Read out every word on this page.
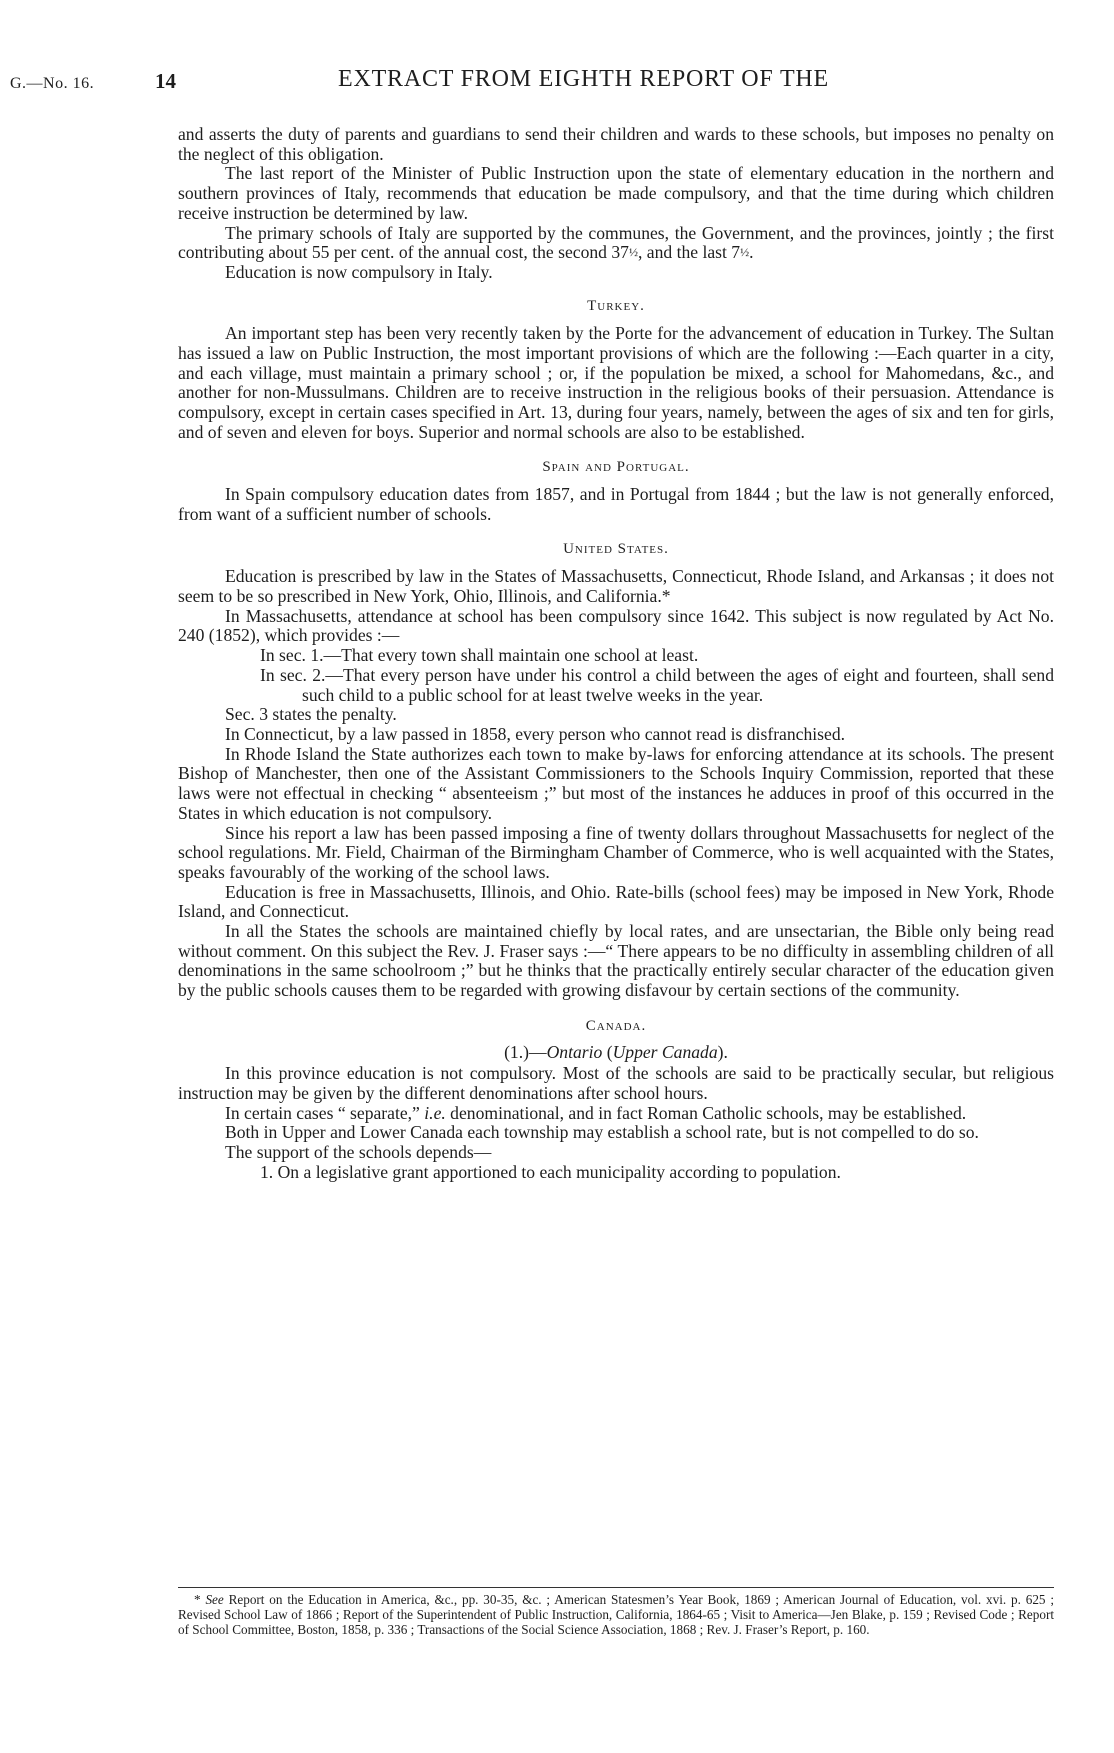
G.—No. 16.	14	EXTRACT FROM EIGHTH REPORT OF THE

and asserts the duty of parents and guardians to send their children and wards to these schools, but imposes no penalty on the neglect of this obligation.

The last report of the Minister of Public Instruction upon the state of elementary education in the northern and southern provinces of Italy, recommends that education be made compulsory, and that the time during which children receive instruction be determined by law.

The primary schools of Italy are supported by the communes, the Government, and the provinces, jointly ; the first contributing about 55 per cent. of the annual cost, the second 37½, and the last 7½.

Education is now compulsory in Italy.

Turkey.

An important step has been very recently taken by the Porte for the advancement of education in Turkey. The Sultan has issued a law on Public Instruction, the most important provisions of which are the following :—Each quarter in a city, and each village, must maintain a primary school ; or, if the population be mixed, a school for Mahomedans, &c., and another for non-Mussulmans. Children are to receive instruction in the religious books of their persuasion. Attendance is compulsory, except in certain cases specified in Art. 13, during four years, namely, between the ages of six and ten for girls, and of seven and eleven for boys. Superior and normal schools are also to be established.

Spain and Portugal.

In Spain compulsory education dates from 1857, and in Portugal from 1844 ; but the law is not generally enforced, from want of a sufficient number of schools.

United States.

Education is prescribed by law in the States of Massachusetts, Connecticut, Rhode Island, and Arkansas ; it does not seem to be so prescribed in New York, Ohio, Illinois, and California.*

In Massachusetts, attendance at school has been compulsory since 1642. This subject is now regulated by Act No. 240 (1852), which provides :—

In sec. 1.—That every town shall maintain one school at least.

In sec. 2.—That every person have under his control a child between the ages of eight and fourteen, shall send such child to a public school for at least twelve weeks in the year.

Sec. 3 states the penalty.

In Connecticut, by a law passed in 1858, every person who cannot read is disfranchised.

In Rhode Island the State authorizes each town to make by-laws for enforcing attendance at its schools. The present Bishop of Manchester, then one of the Assistant Commissioners to the Schools Inquiry Commission, reported that these laws were not effectual in checking “ absenteeism ;” but most of the instances he adduces in proof of this occurred in the States in which education is not compulsory.

Since his report a law has been passed imposing a fine of twenty dollars throughout Massachusetts for neglect of the school regulations. Mr. Field, Chairman of the Birmingham Chamber of Commerce, who is well acquainted with the States, speaks favourably of the working of the school laws.

Education is free in Massachusetts, Illinois, and Ohio. Rate-bills (school fees) may be imposed in New York, Rhode Island, and Connecticut.

In all the States the schools are maintained chiefly by local rates, and are unsectarian, the Bible only being read without comment. On this subject the Rev. J. Fraser says :—“ There appears to be no difficulty in assembling children of all denominations in the same schoolroom ;” but he thinks that the practically entirely secular character of the education given by the public schools causes them to be regarded with growing disfavour by certain sections of the community.

Canada.
(1.)—Ontario (Upper Canada).

In this province education is not compulsory. Most of the schools are said to be practically secular, but religious instruction may be given by the different denominations after school hours.

In certain cases “ separate,” i.e. denominational, and in fact Roman Catholic schools, may be established.

Both in Upper and Lower Canada each township may establish a school rate, but is not compelled to do so.

The support of the schools depends—

1. On a legislative grant apportioned to each municipality according to population.

* See Report on the Education in America, &c., pp. 30-35, &c. ; American Statesmen’s Year Book, 1869 ; American Journal of Education, vol. xvi. p. 625 ; Revised School Law of 1866 ; Report of the Superintendent of Public Instruction, California, 1864-65 ; Visit to America—Jen Blake, p. 159 ; Revised Code ; Report of School Committee, Boston, 1858, p. 336 ; Transactions of the Social Science Association, 1868 ; Rev. J. Fraser’s Report, p. 160.
